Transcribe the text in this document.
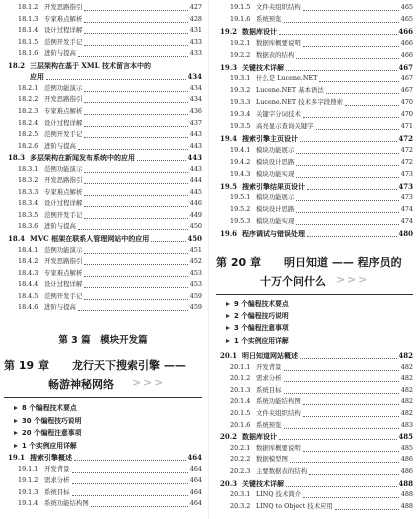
18.1.2 开发思路指引	427
18.1.3 专家难点解析	428
18.1.4 设计过程详解	431
18.1.5 范例开发手记	433
18.1.6 进阶与提高	433
18.2 三层架构在基于 XML 技术留言本中的
应用	434
18.2.1 范例功能演示	434
18.2.2 开发思路指引	434
18.2.3 专家难点解析	436
18.2.4 设计过程详解	437
18.2.5 范例开发手记	443
18.2.6 进阶与提高	443
18.3 多层架构在新闻发布系统中的应用	443
18.3.1 范例功能演示	443
18.3.2 开发思路指引	444
18.3.3 专家难点解析	445
18.3.4 设计过程详解	446
18.3.5 范例开发手记	449
18.3.6 进阶与提高	450
18.4 MVC 框架在联系人管理网站中的应用	450
18.4.1 范例功能演示	451
18.4.2 开发思路指引	452
18.4.3 专家难点解析	453
18.4.4 设计过程详解	453
18.4.5 范例开发手记	459
18.4.6 进阶与提高	459
第 3 篇　模块开发篇
第 19 章 龙行天下搜索引擎 ——
畅游神秘网络 > > >
8 个编程技术要点
30 个编程技巧说明
20 个编程注意事项
1 个实例应用详解
19.1 搜索引擎概述	464
19.1.1 开发背景	464
19.1.2 需求分析	464
19.1.3 系统目标	464
19.1.4 系统功能结构图	464
19.1.5 文件夹组织结构	465
19.1.6 系统预览	465
19.2 数据库设计	466
19.2.1 数据库概要说明	466
19.2.2 数据表的结构	466
19.3 关键技术详解	467
19.3.1 什么是 Lucene.NET	467
19.3.2 Lucene.NET 基本语法	467
19.3.3 Lucene.NET 技术多字段搜索	470
19.3.4 关键字分词技术	470
19.3.5 高亮显示查询关键字	471
19.4 搜索引擎主页设计	472
19.4.1 模块功能展示	472
19.4.2 模块设计思路	472
19.4.3 模块功能实现	473
19.5 搜索引擎结果页设计	473
19.5.1 模块功能展示	473
19.5.2 模块设计思路	474
19.5.3 模块功能实现	474
19.6 程序调试与错误处理	480
第 20 章 明日知道 —— 程序员的
十万个问什么 > > >
9 个编程技术要点
2 个编程技巧说明
3 个编程注意事项
1 个实例应用详解
20.1 明日知道网站概述	482
20.1.1 开发背景	482
20.1.2 需求分析	482
20.1.3 系统目标	482
20.1.4 系统功能结构图	482
20.1.5 文件夹组织结构	482
20.1.6 系统预览	483
20.2 数据库设计	485
20.2.1 数据库概要说明	485
20.2.2 数据模型图	486
20.2.3 主要数据表的结构	486
20.3 关键技术详解	488
20.3.1 LINQ 技术简介	488
20.3.2 LINQ to Object 技术应用	488
